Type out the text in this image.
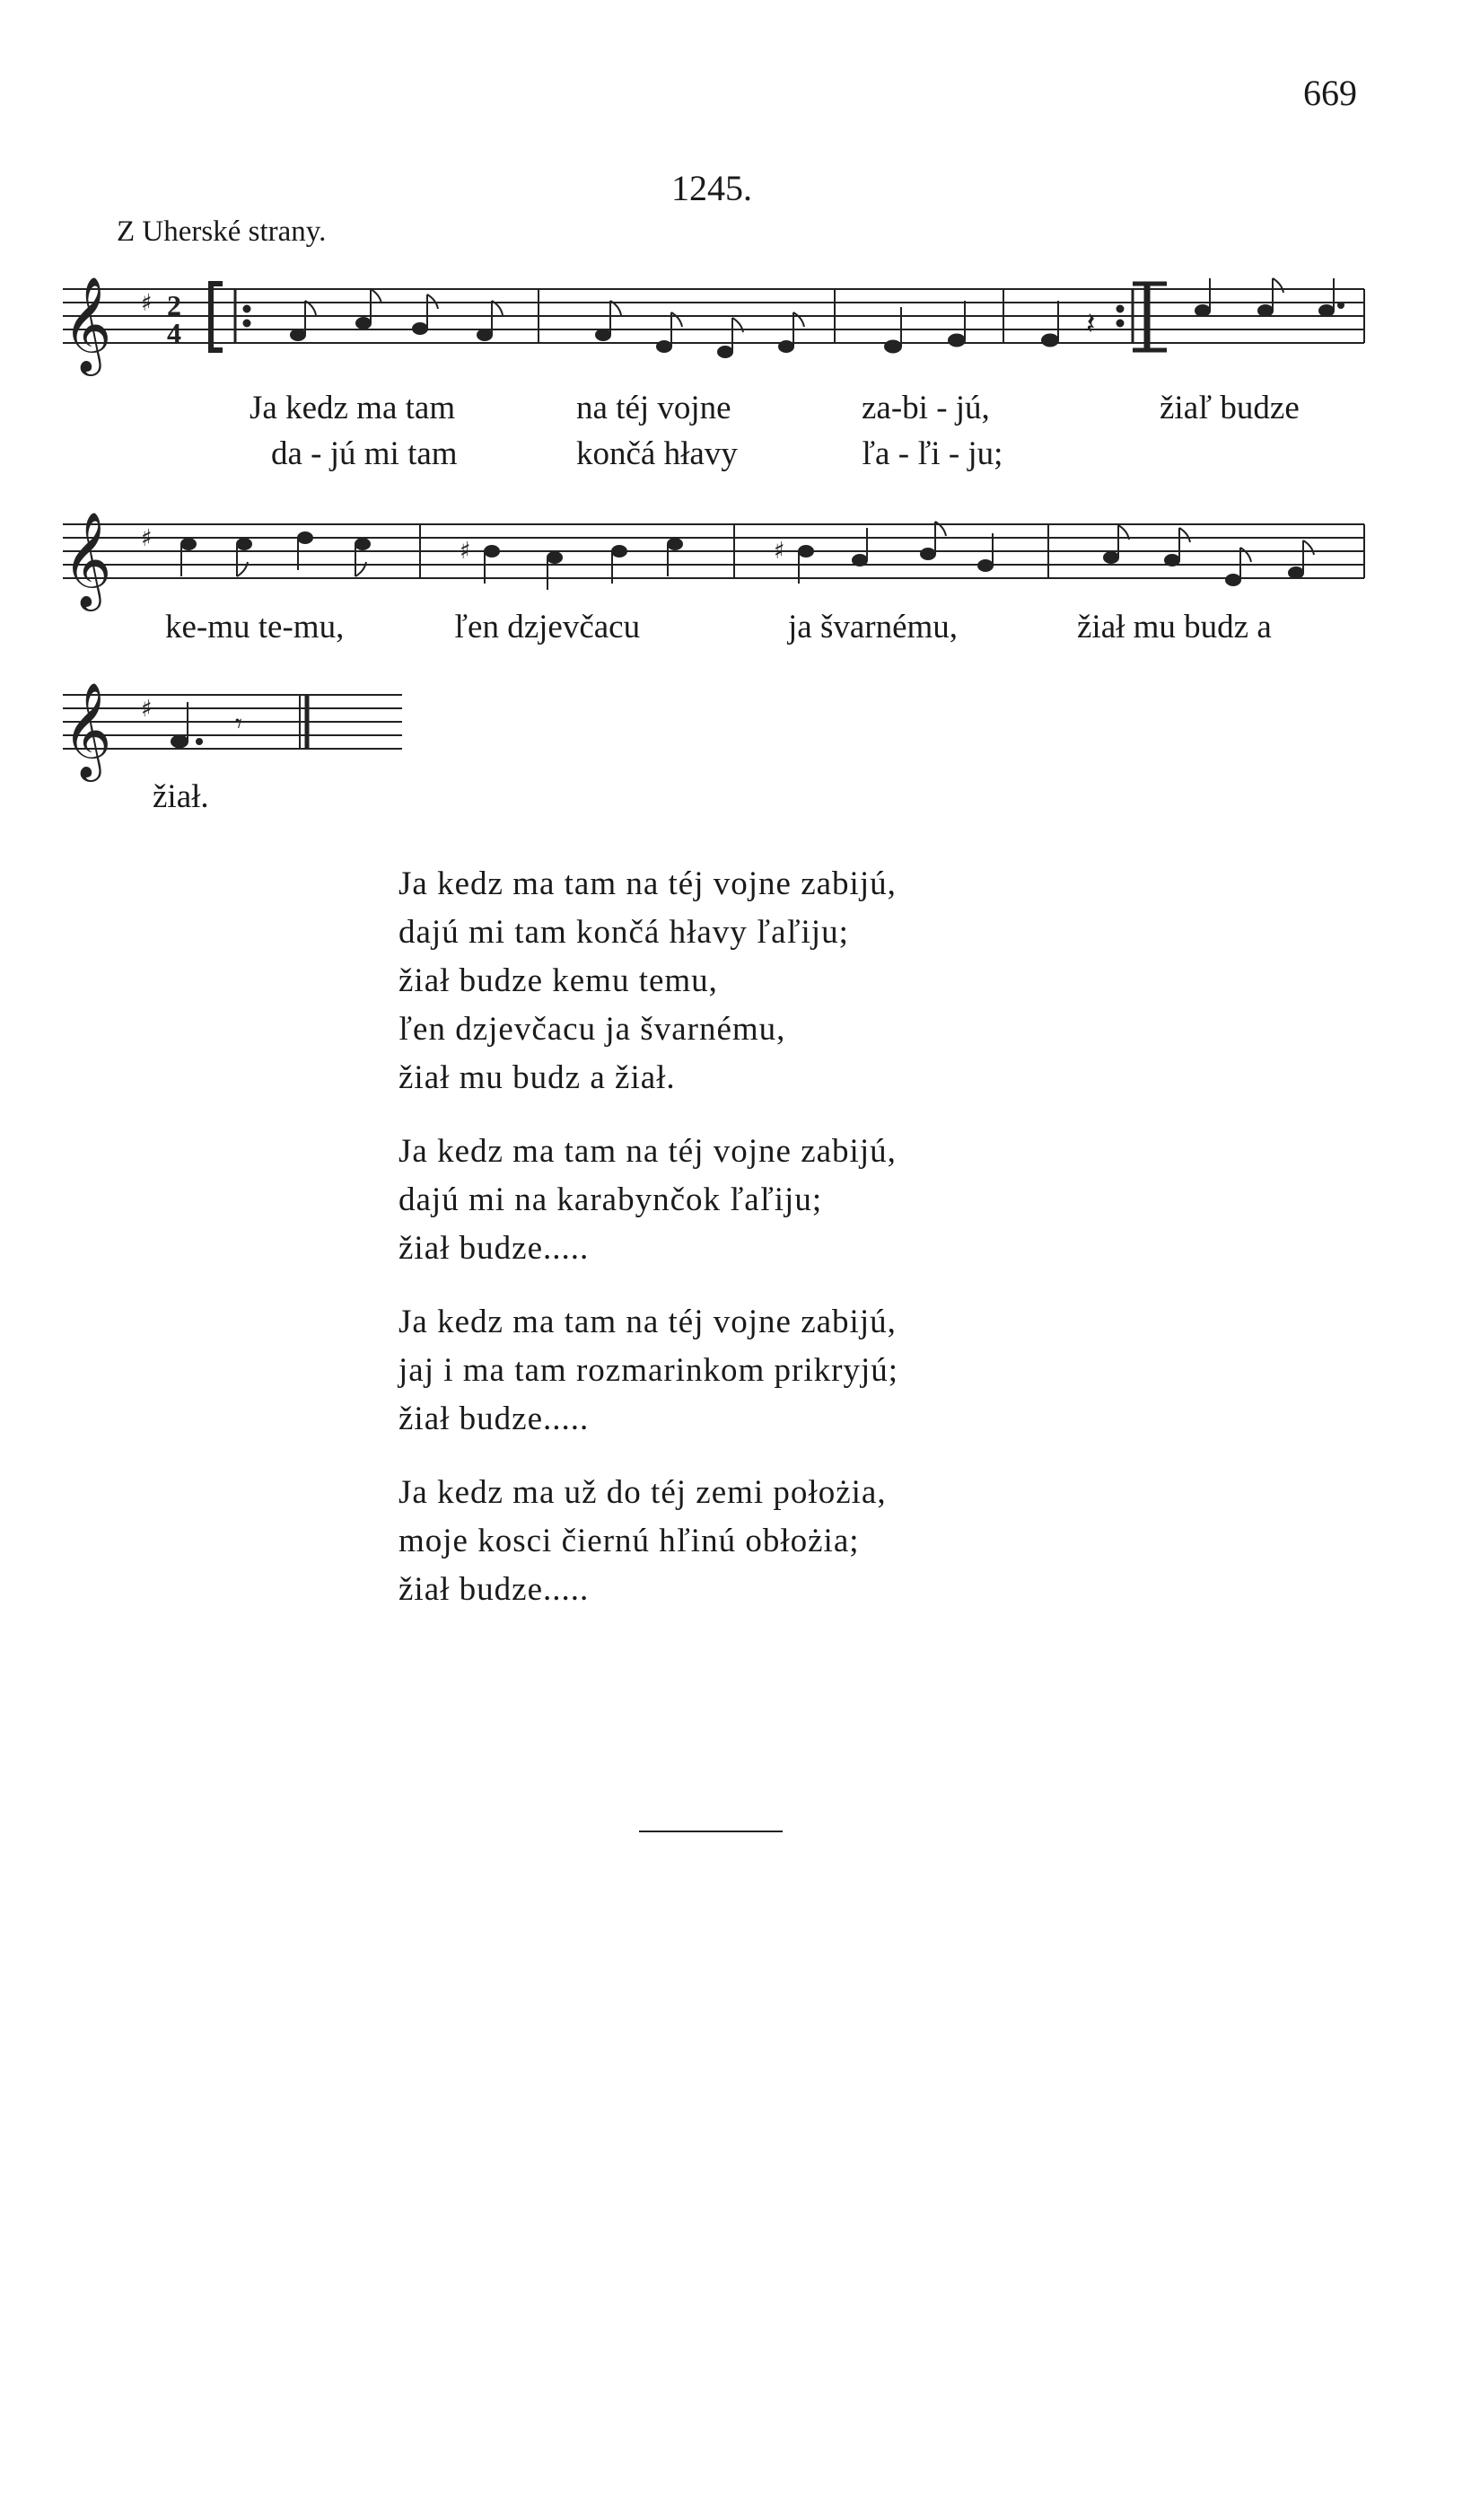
669
1245.
Z Uherské strany.
𝄞 ♯ 2
4	𝄽
Ja kedz ma tam	na téj vojne	za-bi - jú,	žiaľ budze
da - jú mi tam	končá hłavy	ľa - ľi - ju;
𝄞 ♯	♯	♯
ke-mu te-mu,	ľen dzjevčacu	ja švarnému,	žiał mu budz a
𝄞 ♯	𝄾
žiał.
Ja kedz ma tam na téj vojne zabijú,
dajú mi tam končá hłavy ľaľiju;
žiał budze kemu temu,
ľen dzjevčacu ja švarnému,
žiał mu budz a žiał.
Ja kedz ma tam na téj vojne zabijú,
dajú mi na karabynčok ľaľiju;
žiał budze.....
Ja kedz ma tam na téj vojne zabijú,
jaj i ma tam rozmarinkom prikryjú;
žiał budze.....
Ja kedz ma už do téj zemi położia,
moje kosci čiernú hľinú obłożia;
žiał budze.....
